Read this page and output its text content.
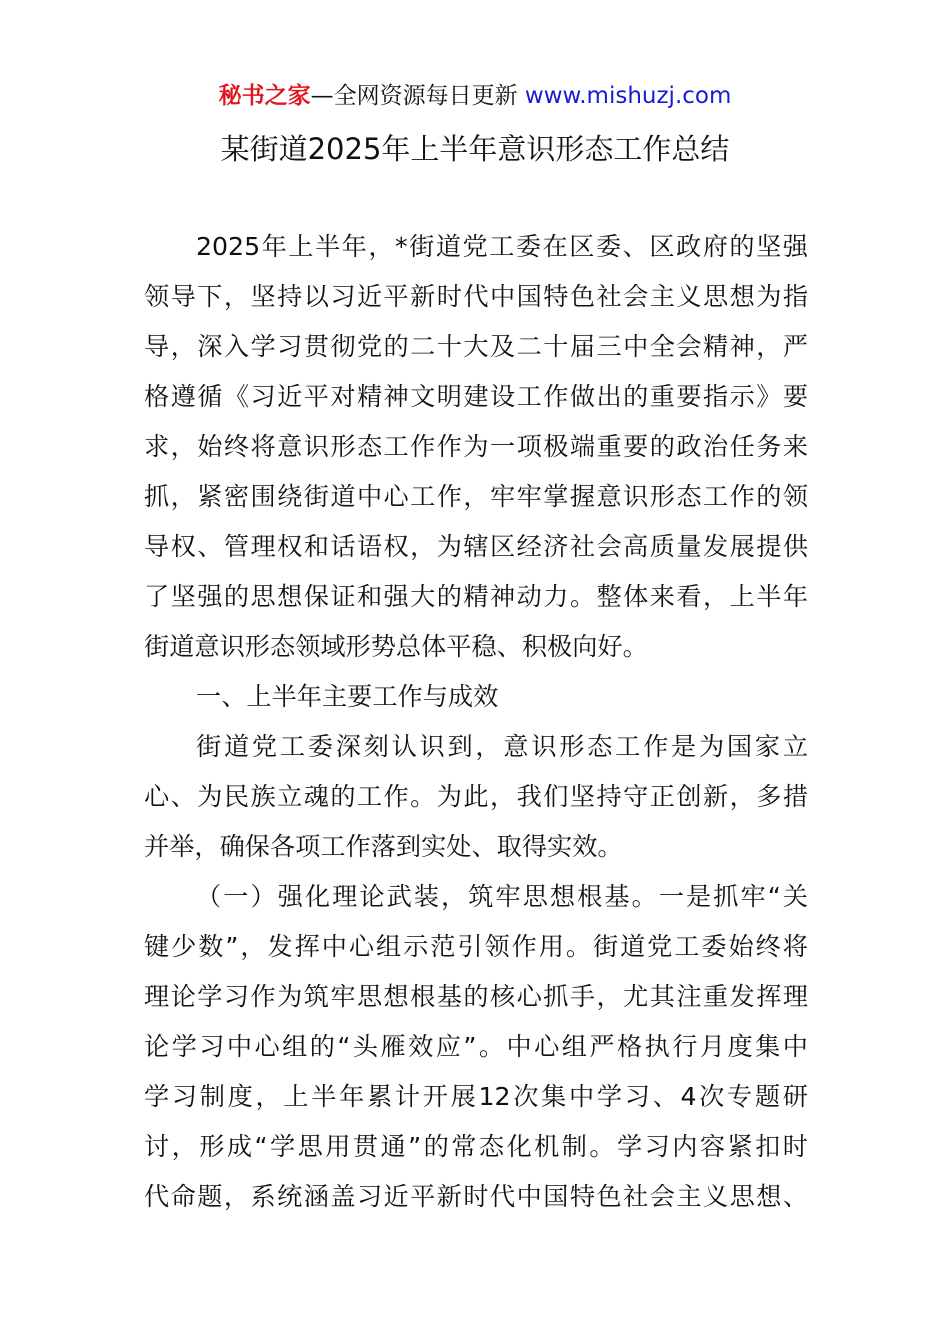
秘书之家—全网资源每日更新 www.mishuzj.com
某街道2025年上半年意识形态工作总结
2025年上半年，*街道党工委在区委、区政府的坚强
领导下，坚持以习近平新时代中国特色社会主义思想为指
导，深入学习贯彻党的二十大及二十届三中全会精神，严
格遵循《习近平对精神文明建设工作做出的重要指示》要
求，始终将意识形态工作作为一项极端重要的政治任务来
抓，紧密围绕街道中心工作，牢牢掌握意识形态工作的领
导权、管理权和话语权，为辖区经济社会高质量发展提供
了坚强的思想保证和强大的精神动力。整体来看，上半年
街道意识形态领域形势总体平稳、积极向好。
一、上半年主要工作与成效
街道党工委深刻认识到，意识形态工作是为国家立
心、为民族立魂的工作。为此，我们坚持守正创新，多措
并举，确保各项工作落到实处、取得实效。
（一）强化理论武装，筑牢思想根基。一是抓牢“关
键少数”，发挥中心组示范引领作用。街道党工委始终将
理论学习作为筑牢思想根基的核心抓手，尤其注重发挥理
论学习中心组的“头雁效应”。中心组严格执行月度集中
学习制度，上半年累计开展12次集中学习、4次专题研
讨，形成“学思用贯通”的常态化机制。学习内容紧扣时
代命题，系统涵盖习近平新时代中国特色社会主义思想、
